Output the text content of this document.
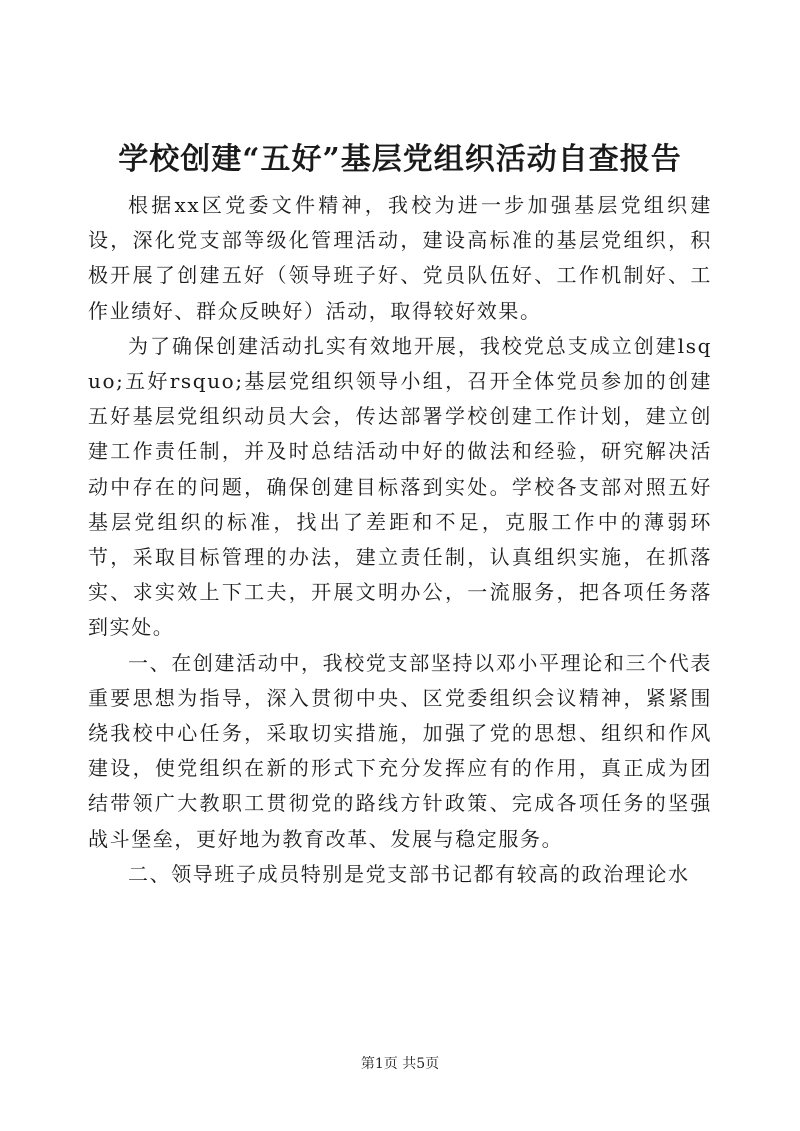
学校创建“五好”基层党组织活动自查报告

根据xx区党委文件精神，我校为进一步加强基层党组织建设，深化党支部等级化管理活动，建设高标准的基层党组织，积极开展了创建五好（领导班子好、党员队伍好、工作机制好、工作业绩好、群众反映好）活动，取得较好效果。

为了确保创建活动扎实有效地开展，我校党总支成立创建lsquo;五好rsquo;基层党组织领导小组，召开全体党员参加的创建五好基层党组织动员大会，传达部署学校创建工作计划，建立创建工作责任制，并及时总结活动中好的做法和经验，研究解决活动中存在的问题，确保创建目标落到实处。学校各支部对照五好基层党组织的标准，找出了差距和不足，克服工作中的薄弱环节，采取目标管理的办法，建立责任制，认真组织实施，在抓落实、求实效上下工夫，开展文明办公，一流服务，把各项任务落到实处。

一、在创建活动中，我校党支部坚持以邓小平理论和三个代表重要思想为指导，深入贯彻中央、区党委组织会议精神，紧紧围绕我校中心任务，采取切实措施，加强了党的思想、组织和作风建设，使党组织在新的形式下充分发挥应有的作用，真正成为团结带领广大教职工贯彻党的路线方针政策、完成各项任务的坚强战斗堡垒，更好地为教育改革、发展与稳定服务。

二、领导班子成员特别是党支部书记都有较高的政治理论水

第1页 共5页
